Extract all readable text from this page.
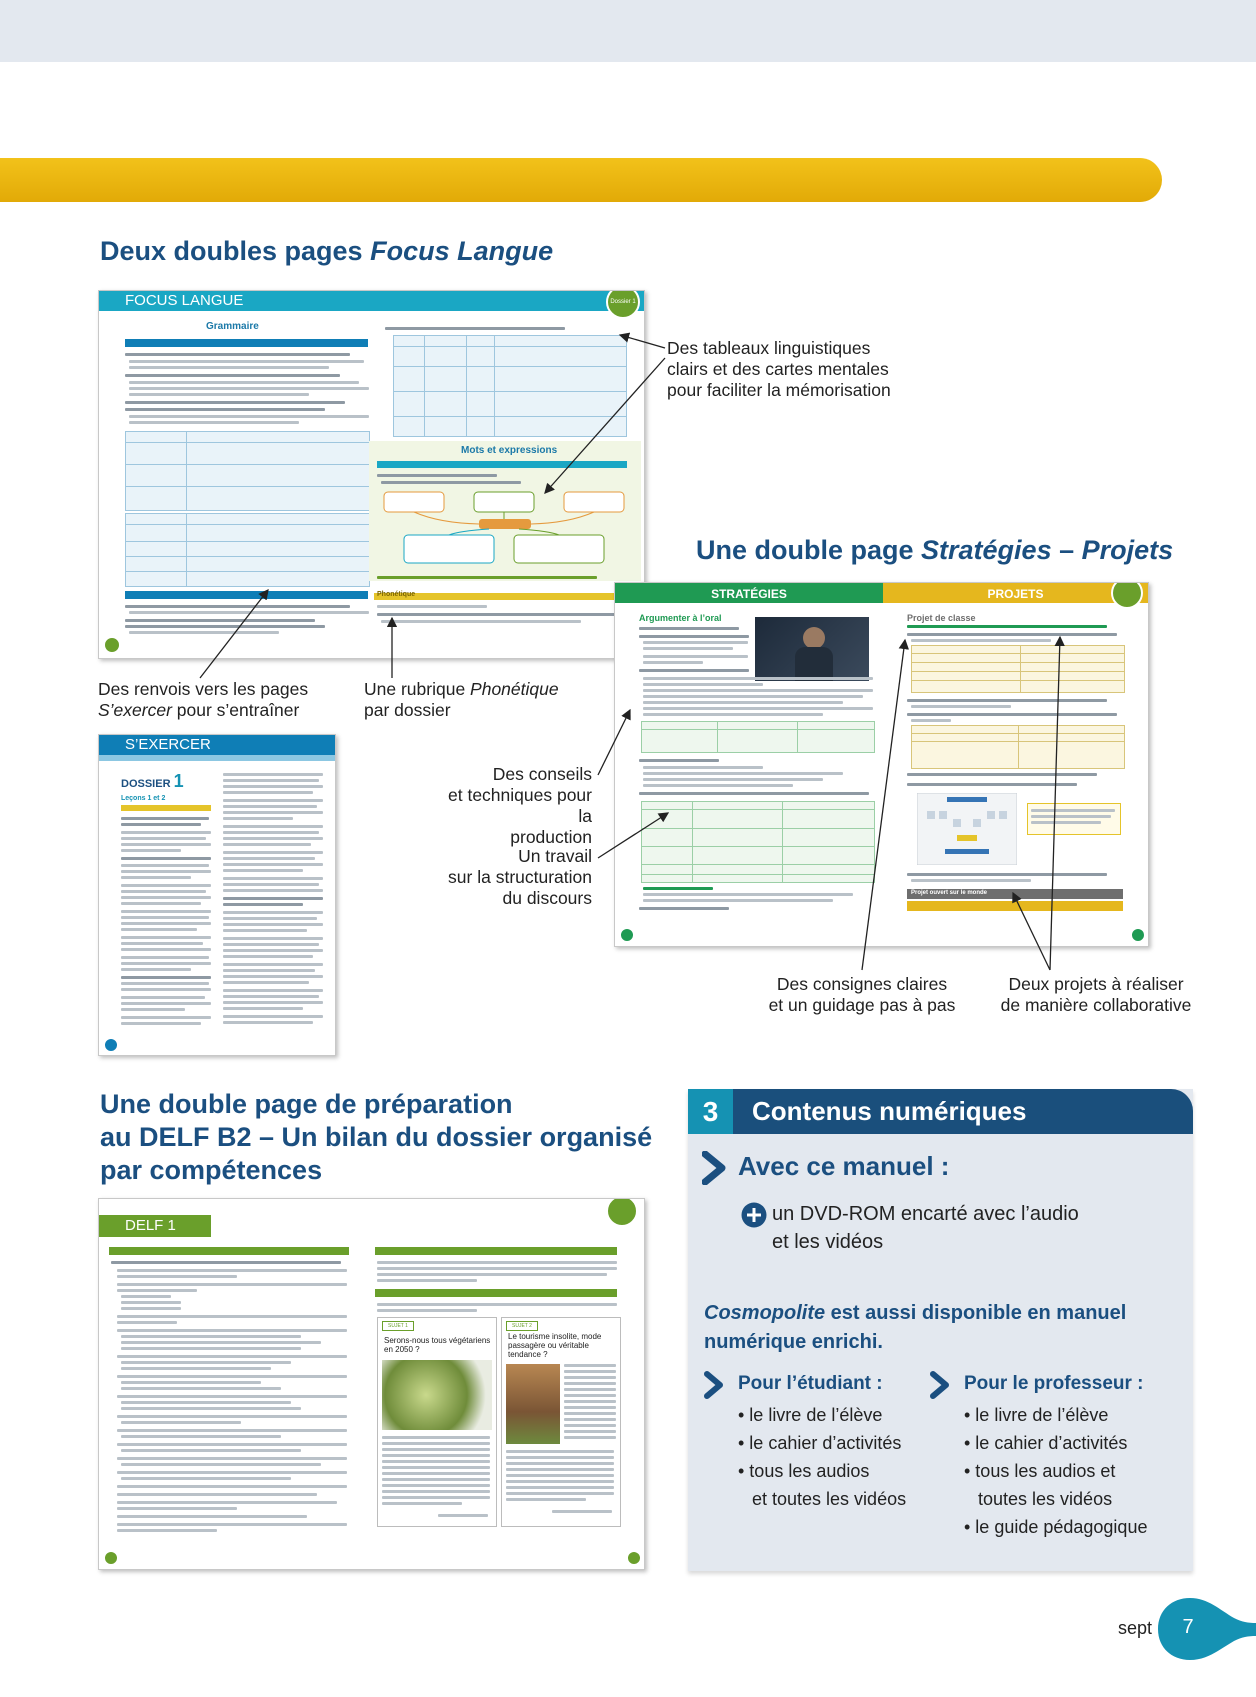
Deux doubles pages Focus Langue
FOCUS LANGUE	Dossier 1
Grammaire
Mots et expressions
Phonétique
Des tableaux linguistiques
clairs et des cartes mentales
pour faciliter la mémorisation
Une double page Stratégies – Projets
Des renvois vers les pages
S’exercer pour s’entraîner
Une rubrique Phonétique
par dossier
S’EXERCER
DOSSIER 1
Leçons 1 et 2
Des conseils
et techniques pour la
production
Un travail
sur la structuration
du discours
STRATÉGIES	PROJETS
Argumenter à l’oral	Projet de classe
Projet ouvert sur le monde
Des consignes claires
et un guidage pas à pas
Deux projets à réaliser
de manière collaborative
Une double page de préparation
au DELF B2 – Un bilan du dossier organisé
par compétences
DELF 1
SUJET 1
Serons-nous tous végétariens en 2050 ?
SUJET 2
Le tourisme insolite, mode passagère ou véritable tendance ?
3	Contenus numériques
Avec ce manuel :
un DVD-ROM encarté avec l’audio
et les vidéos
Cosmopolite est aussi disponible en manuel
numérique enrichi.
Pour l’étudiant :
• le livre de l’élève
• le cahier d’activités
• tous les audios
et toutes les vidéos
Pour le professeur :
• le livre de l’élève
• le cahier d’activités
• tous les audios et
toutes les vidéos
• le guide pédagogique
sept	7
